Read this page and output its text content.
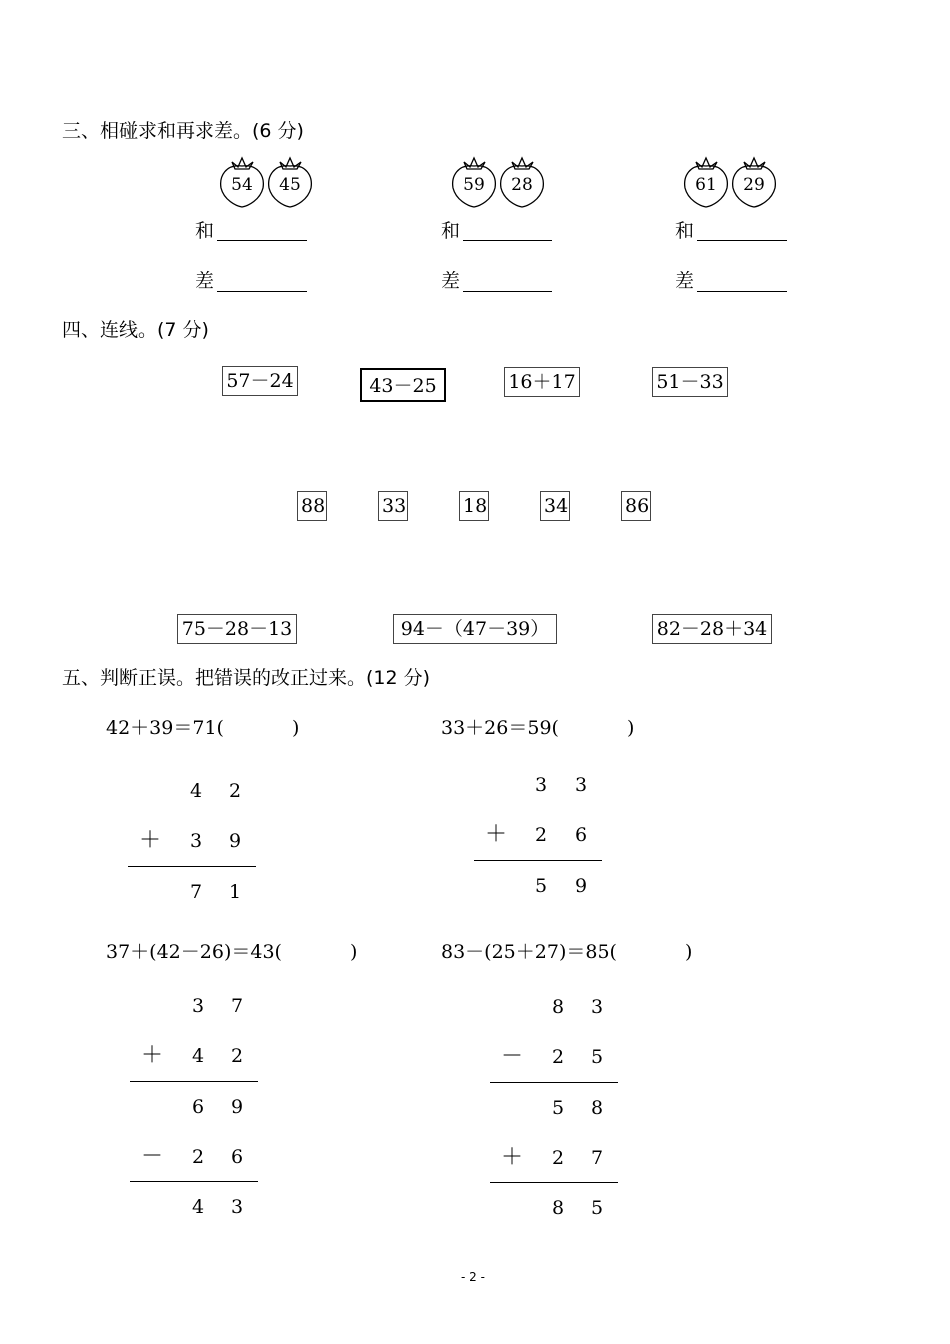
三、相碰求和再求差。(6 分)
54	45	59	28	61	29
和
差
和
差
和
差
四、连线。(7 分)
57－24	43－25	16＋17	51－33
88	33	18	34	86
75－28－13	94－（47－39）	82－28＋34
五、判断正误。把错误的改正过来。(12 分)
42＋39＝71(	)
4 2
＋ 3 9
7 1
33＋26＝59(	)
3 3
＋ 2 6
5 9
37＋(42－26)＝43(	)
3 7
＋ 4 2
6 9
－ 2 6
4 3
83－(25＋27)＝85(	)
8 3
－ 2 5
5 8
＋ 2 7
8 5
- 2 -
